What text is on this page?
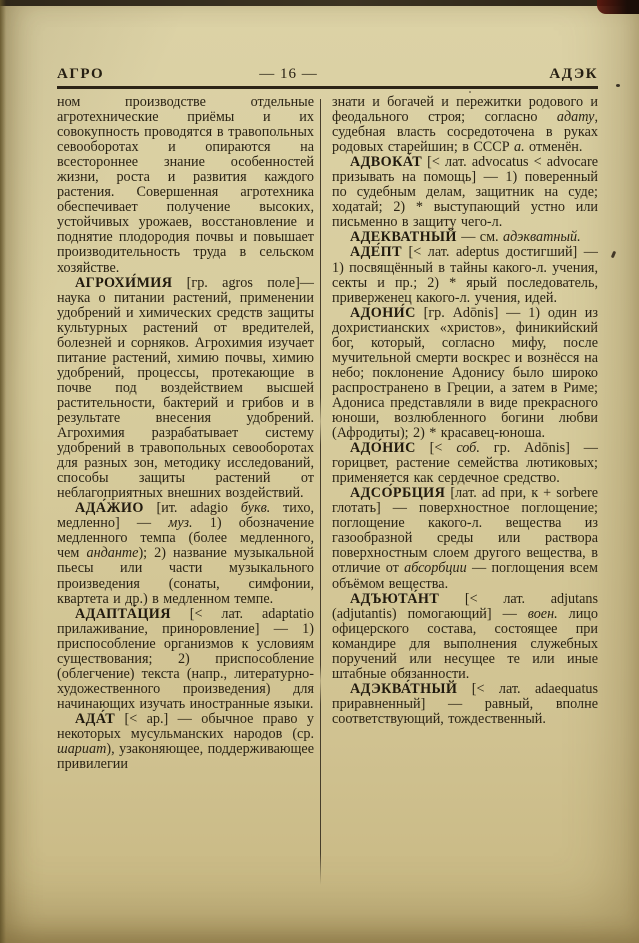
АГРО	— 16 —	АДЭК

ном производстве отдельные агротехнические приёмы и их совокупность проводятся в травопольных севооборотах и опираются на всестороннее знание особенностей жизни, роста и развития каждого растения. Совершенная агротехника обеспечивает получение высоких, устойчивых урожаев, восстановление и поднятие плодородия почвы и повышает производительность труда в сельском хозяйстве.

АГРОХИ́МИЯ [гр. agros поле]— наука о питании растений, применении удобрений и химических средств защиты культурных растений от вредителей, болезней и сорняков. Агрохимия изучает питание растений, химию почвы, химию удобрений, процессы, протекающие в почве под воздействием высшей растительности, бактерий и грибов и в результате внесения удобрений. Агрохимия разрабатывает систему удобрений в травопольных севооборотах для разных зон, методику исследований, способы защиты растений от неблагоприятных внешних воздействий.

АДА́ЖИО [ит. adagio букв. тихо, медленно] — муз. 1) обозначение медленного темпа (более медленного, чем анданте); 2) название музыкальной пьесы или части музыкального произведения (сонаты, симфонии, квартета и др.) в медленном темпе.

АДАПТА́ЦИЯ [< лат. adaptatio прилаживание, приноровление] — 1) приспособление организмов к условиям существования; 2) приспособление (облегчение) текста (напр., литературно-художественного произведения) для начинающих изучать иностранные языки.

АДА́Т [< ар.] — обычное право у некоторых мусульманских народов (ср. шариат), узаконяющее, поддерживающее привилегии

знати и богачей и пережитки родового и феодального строя; согласно адату, судебная власть сосредоточена в руках родовых старейшин; в СССР а. отменён.

АДВОКА́Т [< лат. advocatus < advocare призывать на помощь] — 1) поверенный по судебным делам, защитник на суде; ходатай; 2) * выступающий устно или письменно в защиту чего-л.

АДЕКВАТНЫЙ — см. адэкватный.

АДЕ́ПТ [< лат. adeptus достигший] — 1) посвящённый в тайны какого-л. учения, секты и пр.; 2) * ярый последователь, приверженец какого-л. учения, идей.

АДОНИ́С [гр. Adōnis] — 1) один из дохристианских «христов», финикийский бог, который, согласно мифу, после мучительной смерти воскрес и вознёсся на небо; поклонение Адонису было широко распространено в Греции, а затем в Риме; Адониса представляли в виде прекрасного юноши, возлюбленного богини любви (Афродиты); 2) * красавец-юноша.

АДО́НИС [< соб. гр. Adōnis] — горицвет, растение семейства лютиковых; применяется как сердечное средство.

АДСО́РБЦИЯ [лат. ad при, к + sorbere глотать] — поверхностное поглощение; поглощение какого-л. вещества из газообразной среды или раствора поверхностным слоем другого вещества, в отличие от абсорбции — поглощения всем объёмом вещества.

АДЪЮТА́НТ [< лат. adjutans (adjutantis) помогающий] — воен. лицо офицерского состава, состоящее при командире для выполнения служебных поручений или несущее те или иные штабные обязанности.

АДЭКВА́ТНЫЙ [< лат. adaequatus приравненный] — равный, вполне соответствующий, тождественный.
